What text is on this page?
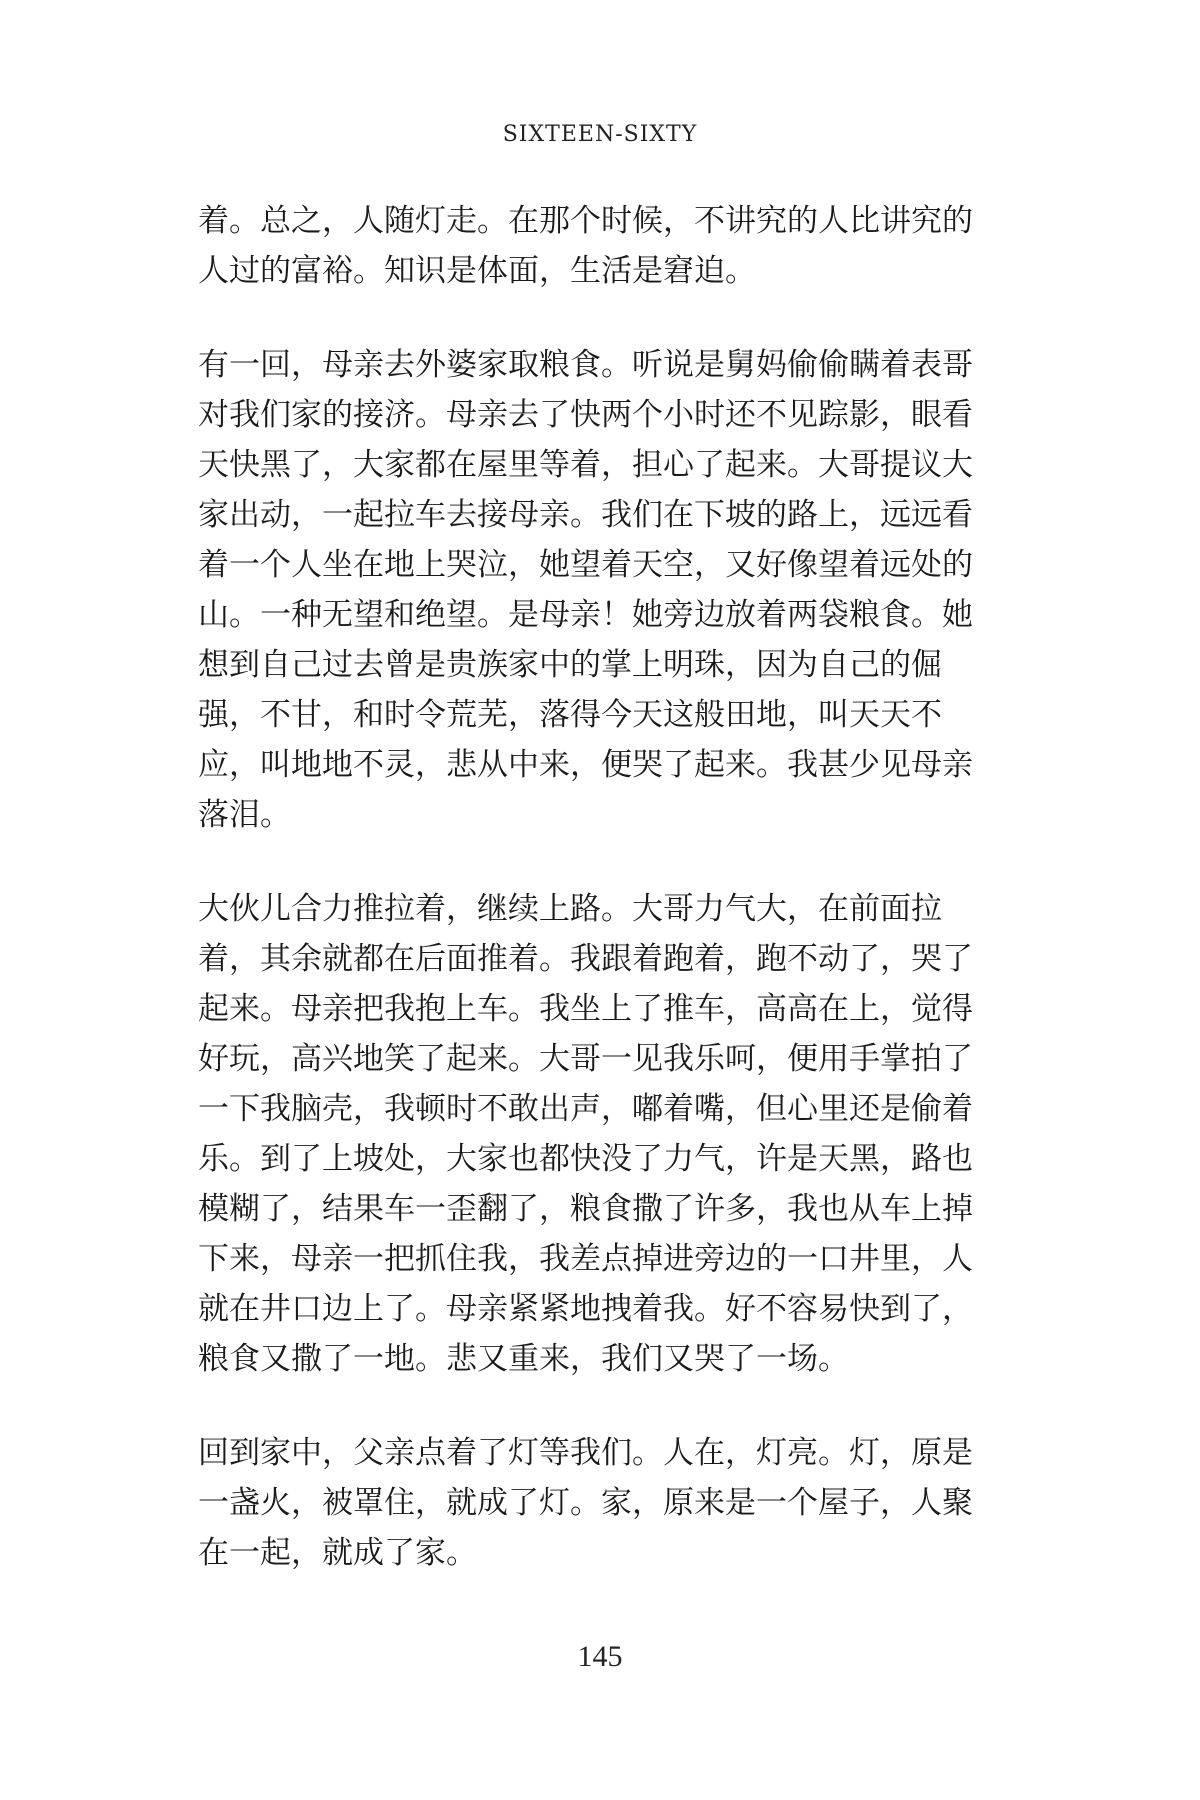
SIXTEEN-SIXTY
着。总之，人随灯走。在那个时候，不讲究的人比讲究的
人过的富裕。知识是体面，生活是窘迫。
有一回，母亲去外婆家取粮食。听说是舅妈偷偷瞒着表哥
对我们家的接济。母亲去了快两个小时还不见踪影，眼看
天快黑了，大家都在屋里等着，担心了起来。大哥提议大
家出动，一起拉车去接母亲。我们在下坡的路上，远远看
着一个人坐在地上哭泣，她望着天空，又好像望着远处的
山。一种无望和绝望。是母亲！她旁边放着两袋粮食。她
想到自己过去曾是贵族家中的掌上明珠，因为自己的倔
强，不甘，和时令荒芜，落得今天这般田地，叫天天不
应，叫地地不灵，悲从中来，便哭了起来。我甚少见母亲
落泪。
大伙儿合力推拉着，继续上路。大哥力气大，在前面拉
着，其余就都在后面推着。我跟着跑着，跑不动了，哭了
起来。母亲把我抱上车。我坐上了推车，高高在上，觉得
好玩，高兴地笑了起来。大哥一见我乐呵，便用手掌拍了
一下我脑壳，我顿时不敢出声，嘟着嘴，但心里还是偷着
乐。到了上坡处，大家也都快没了力气，许是天黑，路也
模糊了，结果车一歪翻了，粮食撒了许多，我也从车上掉
下来，母亲一把抓住我，我差点掉进旁边的一口井里，人
就在井口边上了。母亲紧紧地拽着我。好不容易快到了，
粮食又撒了一地。悲又重来，我们又哭了一场。
回到家中，父亲点着了灯等我们。人在，灯亮。灯，原是
一盏火，被罩住，就成了灯。家，原来是一个屋子，人聚
在一起，就成了家。
145
